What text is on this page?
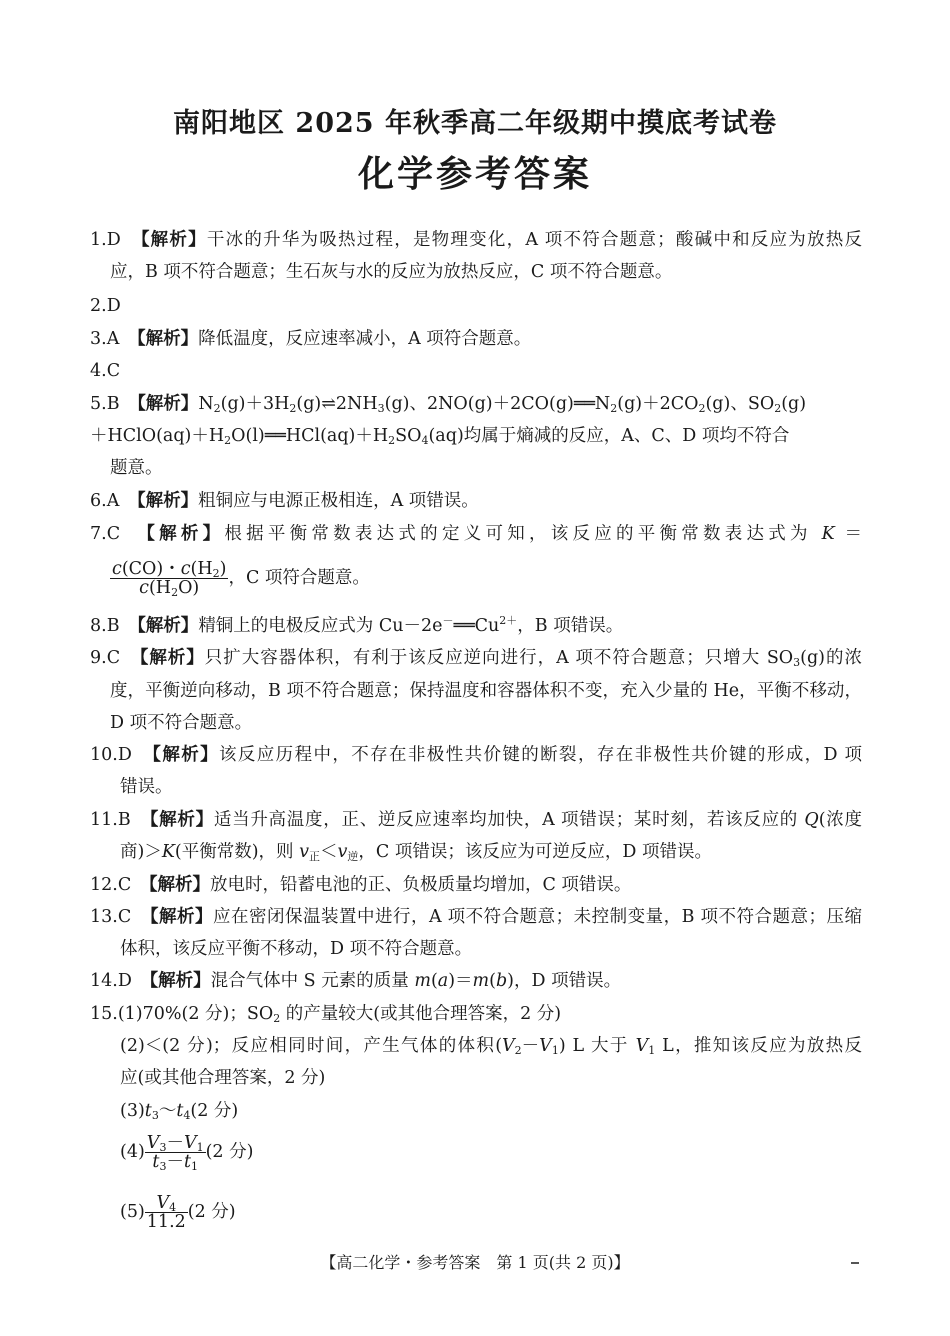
南阳地区 2025 年秋季高二年级期中摸底考试卷
化学参考答案
1.D　 【解析】干冰的升华为吸热过程，是物理变化，A 项不符合题意；酸碱中和反应为放热反
应，B 项不符合题意；生石灰与水的反应为放热反应，C 项不符合题意。
2.D
3.A　 【解析】降低温度，反应速率减小，A 项符合题意。
4.C
5.B　 【解析】$N_2(g)+3H_2(g)\rightleftharpoons 2NH_3(g)$、$2NO(g)+2CO(g)══N_2(g)+2CO_2(g)$、$SO_2(g)$
$+HClO(aq)+H_2O(l)══HCl(aq)+H_2SO_4(aq)$均属于熵减的反应，A、C、D 项均不符合
题意。
6.A　 【解析】粗铜应与电源正极相连，A 项错误。
7.C　 【解析】根据平衡常数表达式的定义可知，该反应的平衡常数表达式为 K ＝
$\frac{c(CO)・c(H_2)}{c(H_2O)}$ ，C 项符合题意。
8.B　 【解析】精铜上的电极反应式为 $Cu-2e^-══Cu^{2+}$，B 项错误。
9.C　 【解析】只扩大容器体积，有利于该反应逆向进行，A 项不符合题意；只增大 $SO_3(g)$的浓
度，平衡逆向移动，B 项不符合题意；保持温度和容器体积不变，充入少量的 He，平衡不移动，
D 项不符合题意。
10.D　 【解析】该反应历程中，不存在非极性共价键的断裂，存在非极性共价键的形成，D 项
错误。
11.B　 【解析】适当升高温度，正、逆反应速率均加快，A 项错误；某时刻，若该反应的 Q(浓度
商)＞K(平衡常数)，则 $v_正<v_逆$，C 项错误；该反应为可逆反应，D 项错误。
12.C　 【解析】放电时，铅蓄电池的正、负极质量均增加，C 项错误。
13.C　 【解析】应在密闭保温装置中进行，A 项不符合题意；未控制变量，B 项不符合题意；压缩
体积，该反应平衡不移动，D 项不符合题意。
14.D　 【解析】混合气体中 S 元素的质量 m(a)＝m(b)，D 项错误。
15.(1)70%(2 分)；$SO_2$ 的产量较大(或其他合理答案，2 分)
(2)＜(2 分)；反应相同时间，产生气体的体积$(V_2-V_1)$ L 大于 $V_1$ L，推知该反应为放热反
应(或其他合理答案，2 分)
$(3)t_3\sim t_4(2$ 分)
$(4) \frac{V_3-V_1}{t_3-t_1} (2$ 分)
$(5) \frac{V_4}{11.2} (2$ 分)
【高二化学・参考答案　第 1 页(共 2 页)】
